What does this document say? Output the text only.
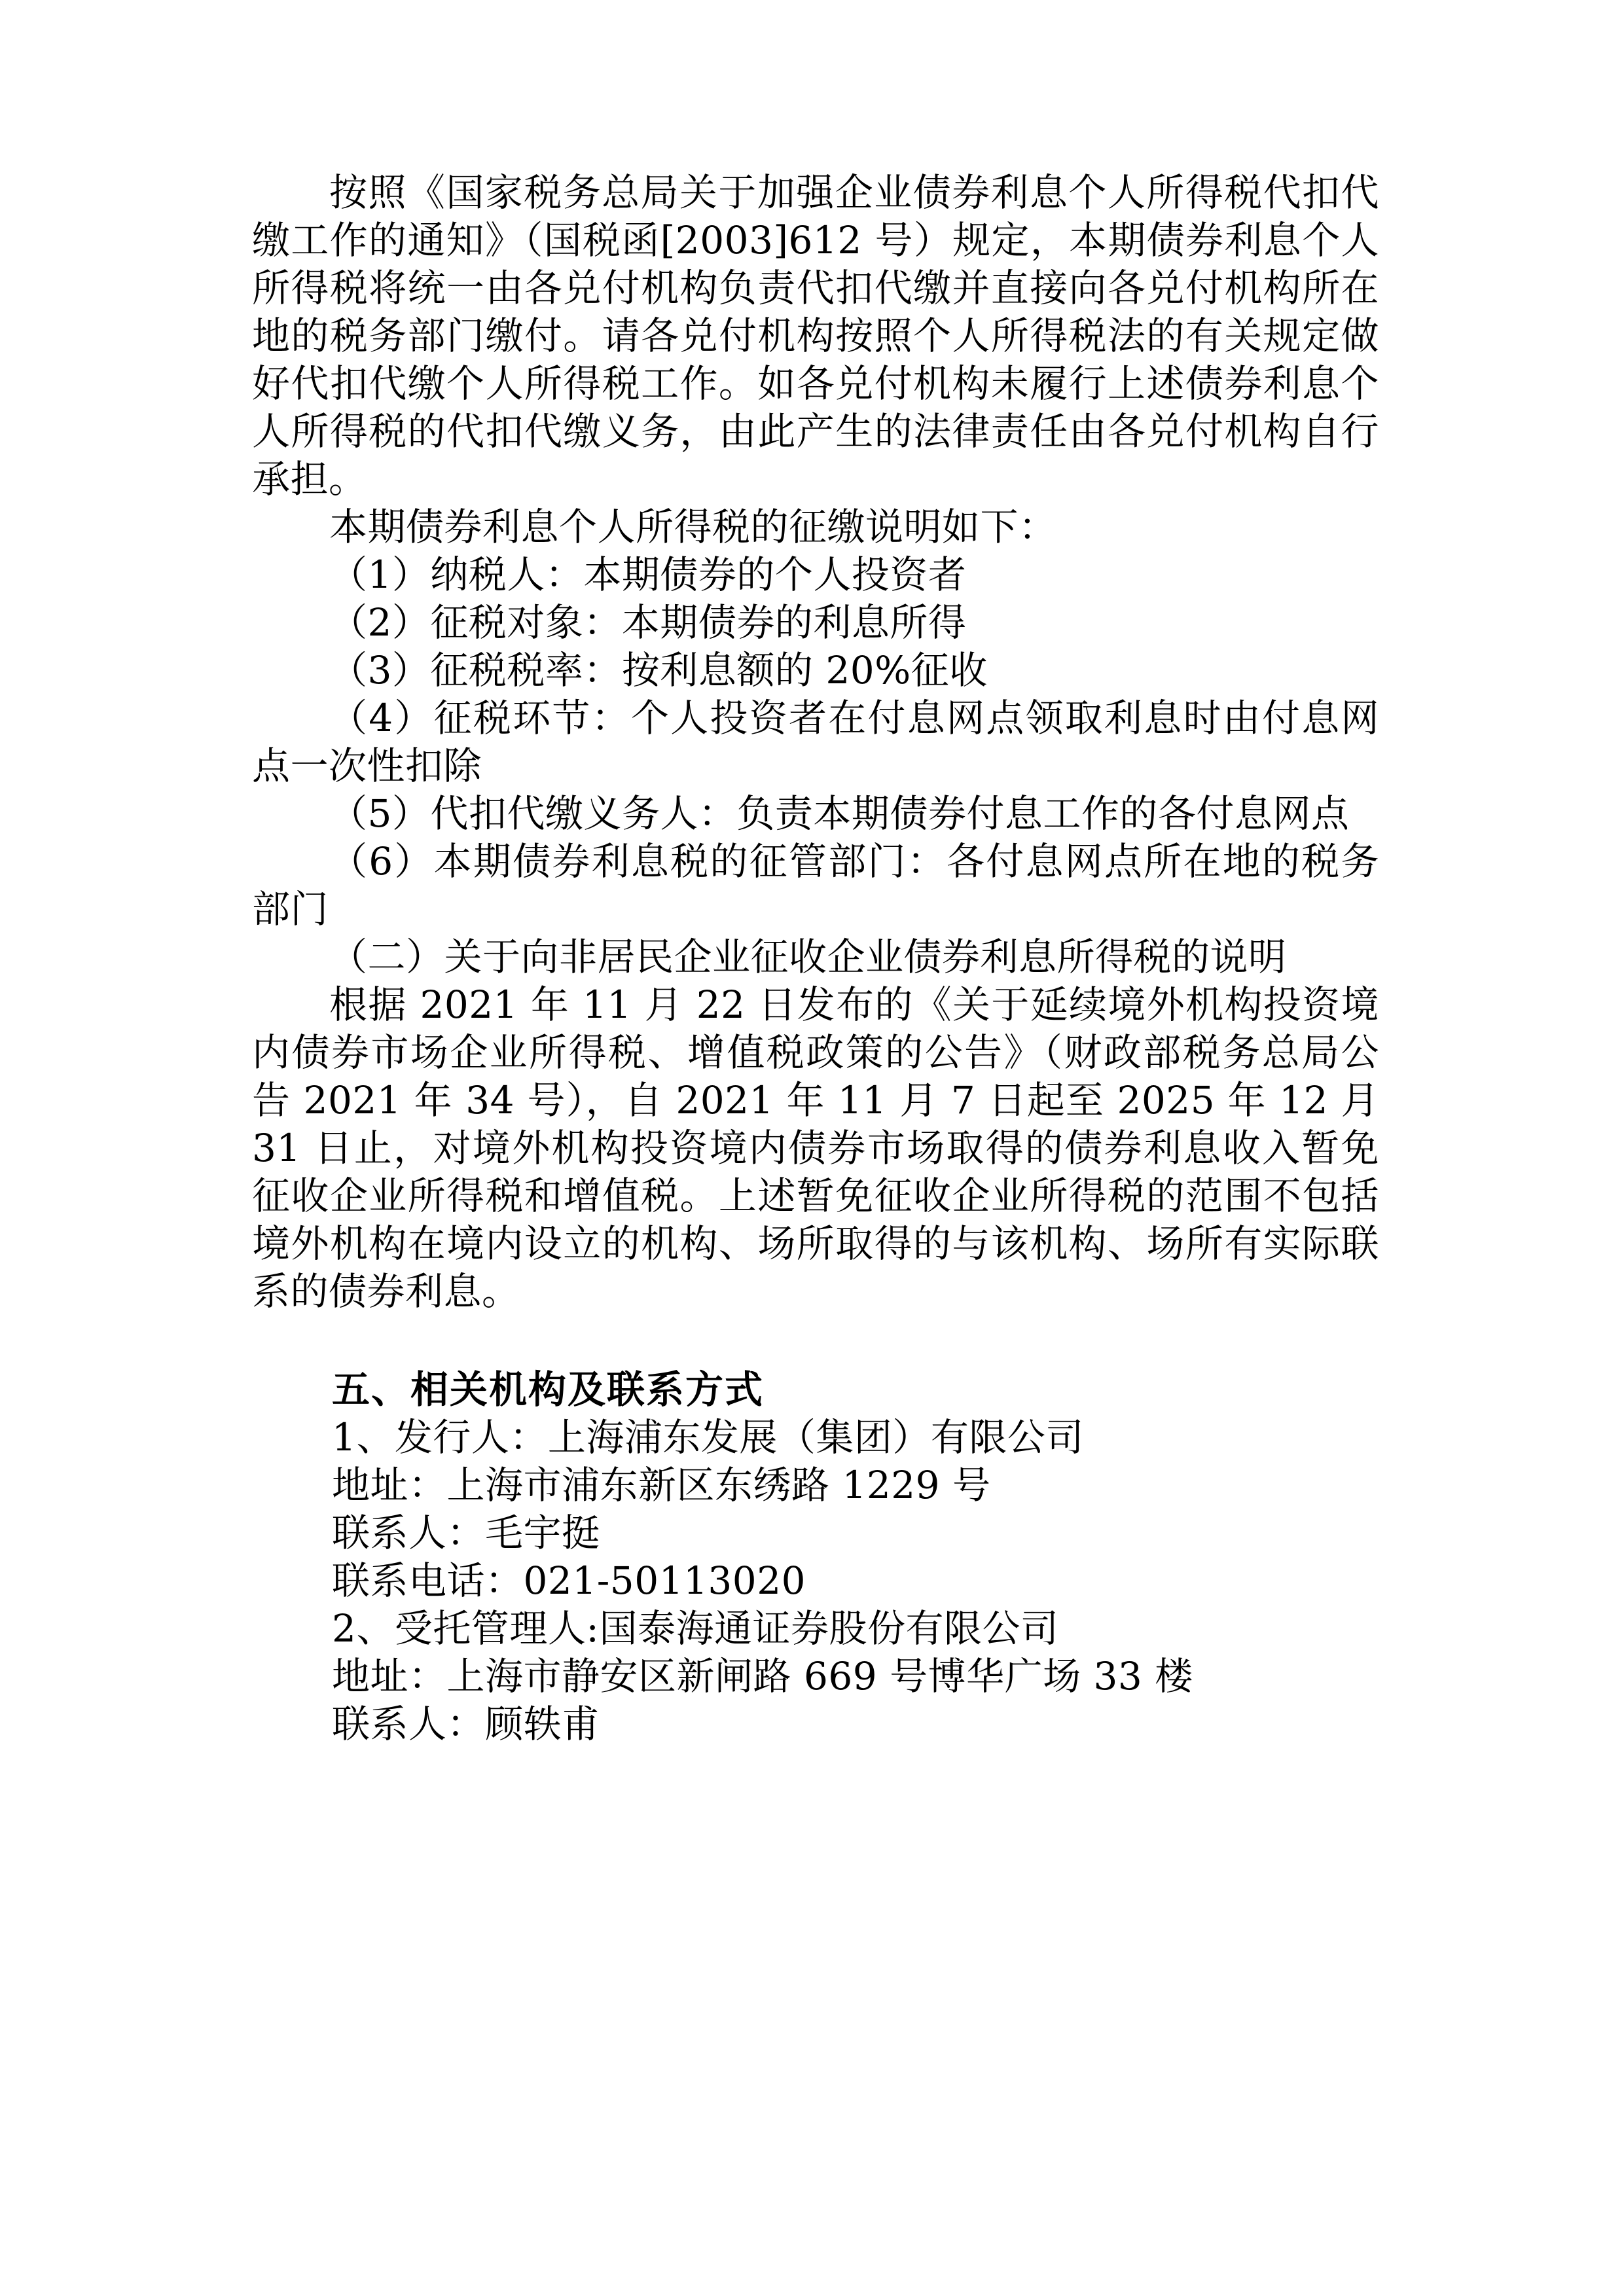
按照《国家税务总局关于加强企业债券利息个人所得税代扣代缴工作的通知》（国税函[2003]612 号）规定，本期债券利息个人所得税将统一由各兑付机构负责代扣代缴并直接向各兑付机构所在地的税务部门缴付。请各兑付机构按照个人所得税法的有关规定做好代扣代缴个人所得税工作。如各兑付机构未履行上述债券利息个人所得税的代扣代缴义务，由此产生的法律责任由各兑付机构自行承担。

本期债券利息个人所得税的征缴说明如下：

（1）纳税人：本期债券的个人投资者

（2）征税对象：本期债券的利息所得

（3）征税税率：按利息额的 20%征收

（4）征税环节：个人投资者在付息网点领取利息时由付息网点一次性扣除

（5）代扣代缴义务人：负责本期债券付息工作的各付息网点

（6）本期债券利息税的征管部门：各付息网点所在地的税务部门

（二）关于向非居民企业征收企业债券利息所得税的说明

根据 2021 年 11 月 22 日发布的《关于延续境外机构投资境内债券市场企业所得税、增值税政策的公告》（财政部税务总局公告 2021 年 34 号），自 2021 年 11 月 7 日起至 2025 年 12 月 31 日止，对境外机构投资境内债券市场取得的债券利息收入暂免征收企业所得税和增值税。上述暂免征收企业所得税的范围不包括境外机构在境内设立的机构、场所取得的与该机构、场所有实际联系的债券利息。

五、相关机构及联系方式

1、发行人：上海浦东发展（集团）有限公司

地址：上海市浦东新区东绣路 1229 号

联系人：毛宇挺

联系电话：021-50113020

2、受托管理人:国泰海通证券股份有限公司

地址：上海市静安区新闸路 669 号博华广场 33 楼

联系人：顾轶甫
